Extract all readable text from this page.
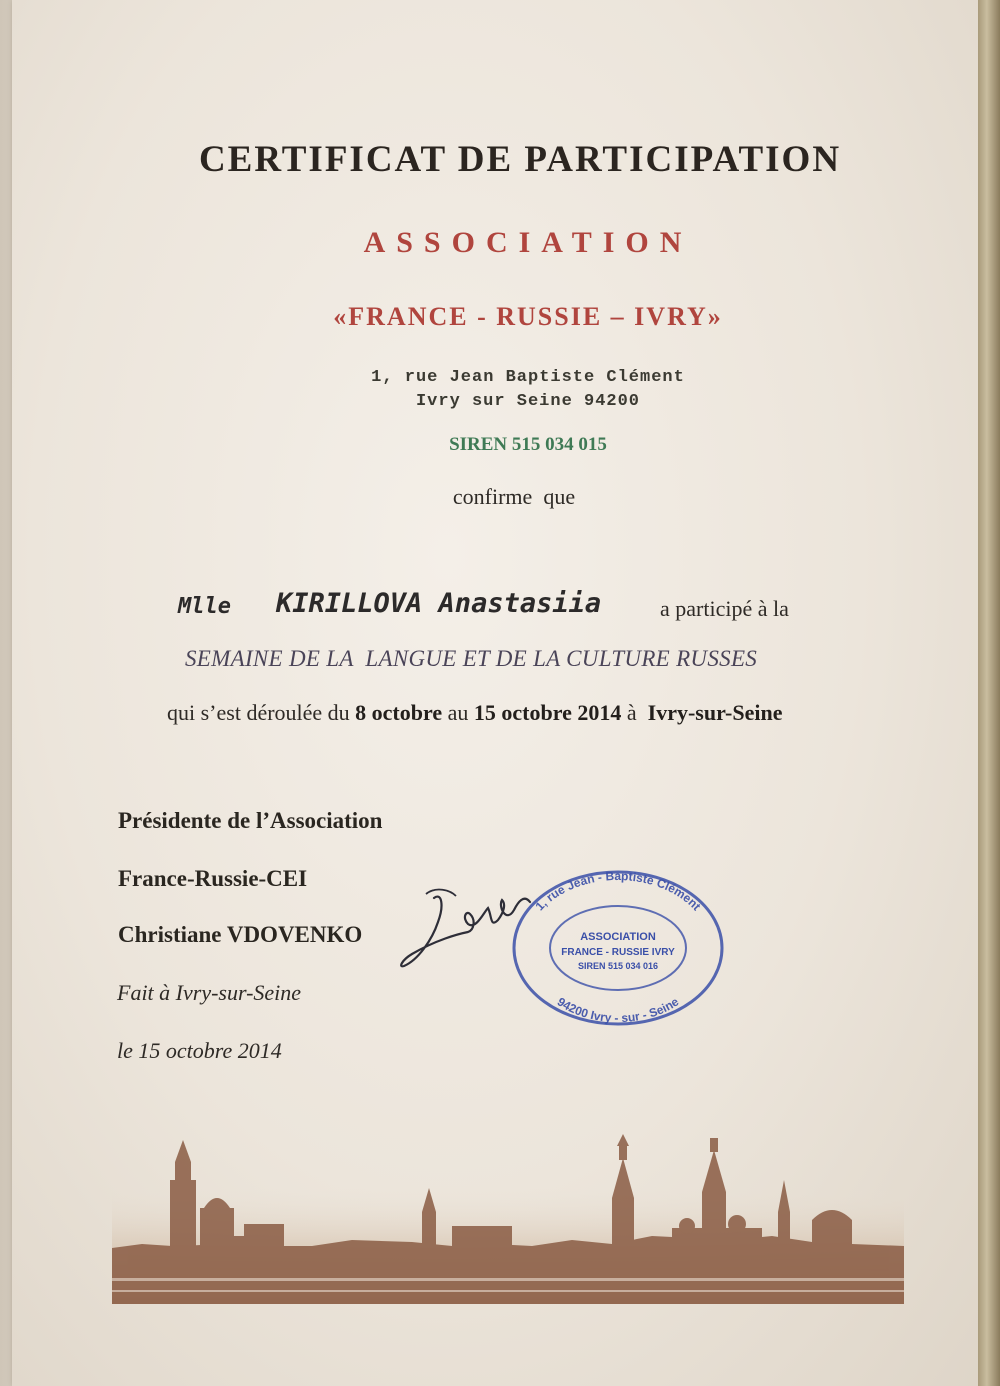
CERTIFICAT DE PARTICIPATION
ASSOCIATION
«FRANCE - RUSSIE – IVRY»
1, rue Jean Baptiste Clément
Ivry sur Seine 94200
SIREN 515 034 015
confirme  que
Mlle KIRILLOVA Anastasiia	a participé à la
SEMAINE DE LA  LANGUE ET DE LA CULTURE RUSSES
qui s’est déroulée du 8 octobre au 15 octobre 2014 à  Ivry-sur-Seine
Présidente de l’Association
France-Russie-CEI
Christiane VDOVENKO
Fait à Ivry-sur-Seine
le 15 octobre 2014
1, rue Jean - Baptiste Clément
94200 Ivry - sur - Seine
ASSOCIATION
FRANCE - RUSSIE IVRY
SIREN 515 034 016
